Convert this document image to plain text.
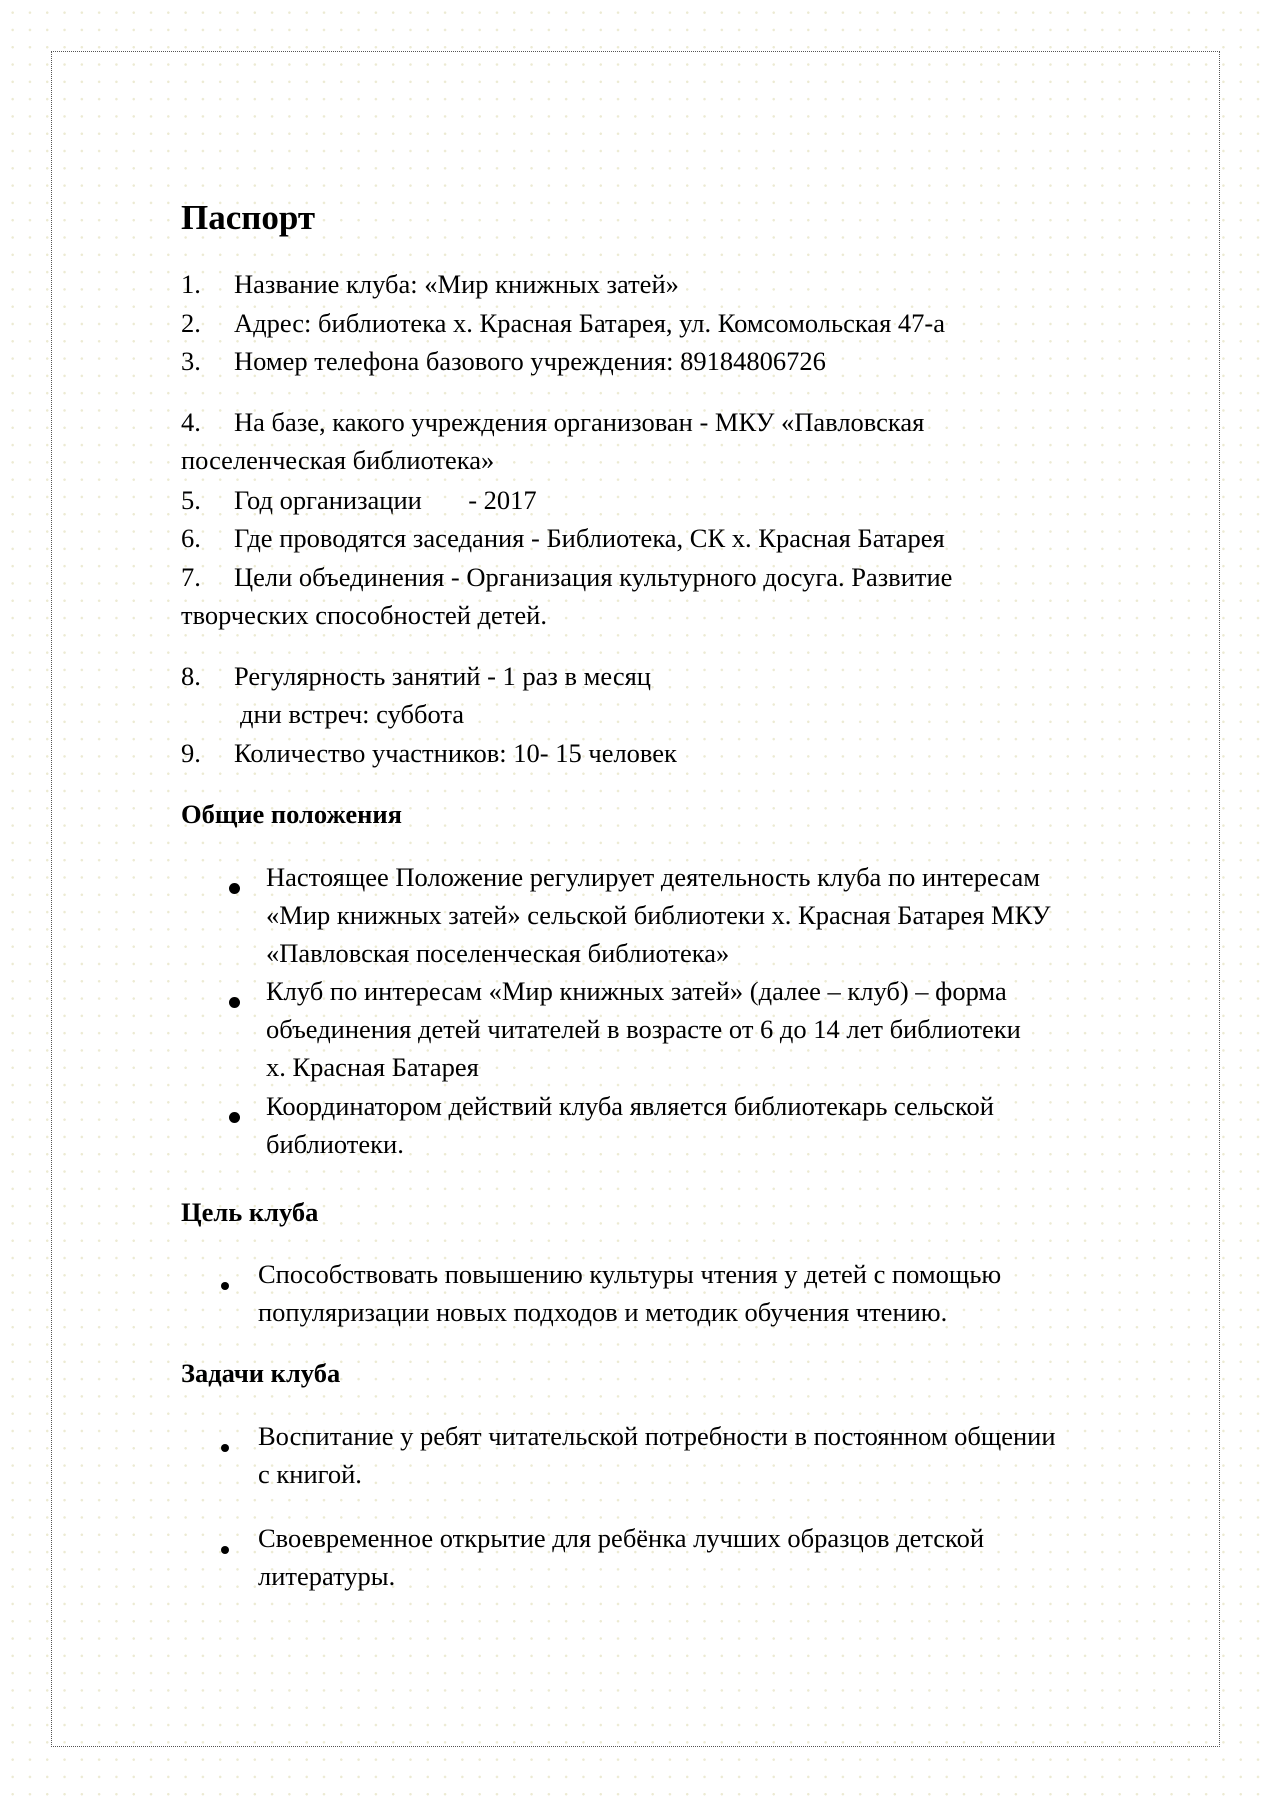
Паспорт
1. Название клуба: «Мир книжных затей»
2. Адрес: библиотека х. Красная Батарея, ул. Комсомольская 47-а
3. Номер телефона базового учреждения: 89184806726
4. На базе, какого учреждения организован - МКУ «Павловская
поселенческая библиотека»
5. Год организации       - 2017
6. Где проводятся заседания - Библиотека, СК х. Красная Батарея
7. Цели объединения - Организация культурного досуга. Развитие
творческих способностей детей.
8. Регулярность занятий - 1 раз в месяц
дни встреч: суббота
9. Количество участников: 10- 15 человек
Общие положения
Настоящее Положение регулирует деятельность клуба по интересам
«Мир книжных затей» сельской библиотеки х. Красная Батарея МКУ
«Павловская поселенческая библиотека»
Клуб по интересам «Мир книжных затей» (далее – клуб) – форма
объединения детей читателей в возрасте от 6 до 14 лет библиотеки
х. Красная Батарея
Координатором действий клуба является библиотекарь сельской
библиотеки.
Цель клуба
Способствовать повышению культуры чтения у детей с помощью
популяризации новых подходов и методик обучения чтению.
Задачи клуба
Воспитание у ребят читательской потребности в постоянном общении
с книгой.
Своевременное открытие для ребёнка лучших образцов детской
литературы.
